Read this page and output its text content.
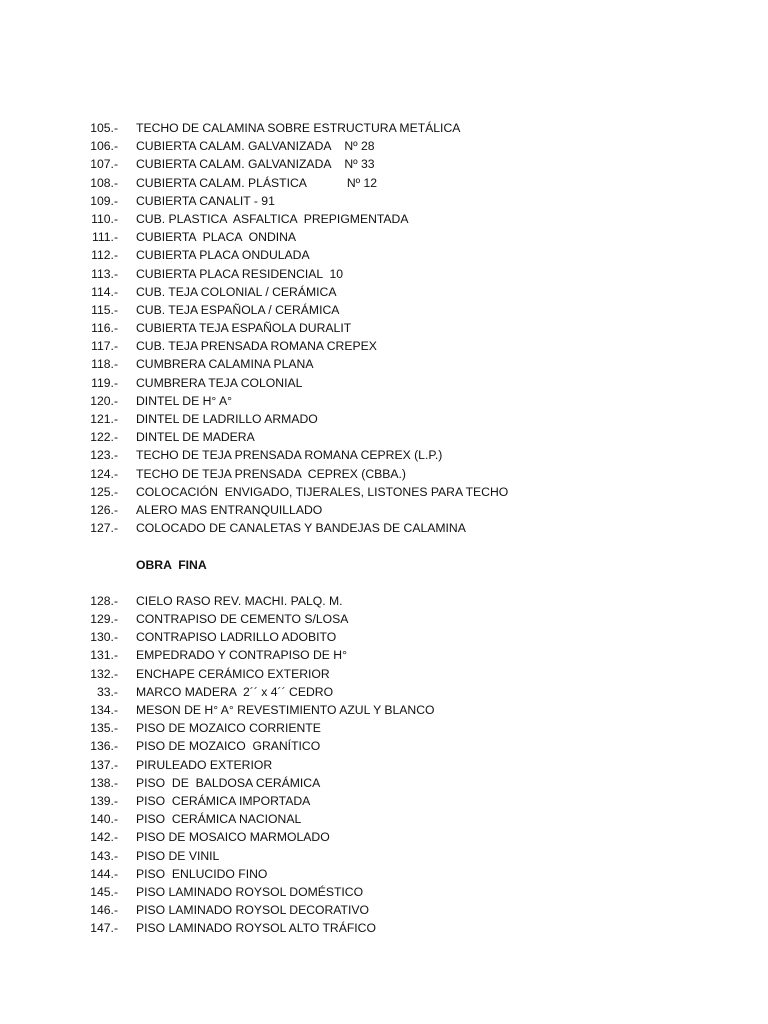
105.- TECHO DE CALAMINA SOBRE ESTRUCTURA METÁLICA
106.- CUBIERTA CALAM. GALVANIZADA    Nº 28
107.- CUBIERTA CALAM. GALVANIZADA    Nº 33
108.- CUBIERTA CALAM. PLÁSTICA            Nº 12
109.- CUBIERTA CANALIT - 91
110.- CUB. PLASTICA  ASFALTICA  PREPIGMENTADA
111.- CUBIERTA  PLACA  ONDINA
112.- CUBIERTA PLACA ONDULADA
113.- CUBIERTA PLACA RESIDENCIAL  10
114.- CUB. TEJA COLONIAL / CERÁMICA
115.- CUB. TEJA ESPAÑOLA / CERÁMICA
116.- CUBIERTA TEJA ESPAÑOLA DURALIT
117.- CUB. TEJA PRENSADA ROMANA CREPEX
118.- CUMBRERA CALAMINA PLANA
119.- CUMBRERA TEJA COLONIAL
120.- DINTEL DE H° A°
121.- DINTEL DE LADRILLO ARMADO
122.- DINTEL DE MADERA
123.- TECHO DE TEJA PRENSADA ROMANA CEPREX (L.P.)
124.- TECHO DE TEJA PRENSADA  CEPREX (CBBA.)
125.- COLOCACIÓN  ENVIGADO, TIJERALES, LISTONES PARA TECHO
126.- ALERO MAS ENTRANQUILLADO
127.- COLOCADO DE CANALETAS Y BANDEJAS DE CALAMINA
OBRA  FINA
128.- CIELO RASO REV. MACHI. PALQ. M.
129.- CONTRAPISO DE CEMENTO S/LOSA
130.- CONTRAPISO LADRILLO ADOBITO
131.- EMPEDRADO Y CONTRAPISO DE H°
132.- ENCHAPE CERÁMICO EXTERIOR
33.- MARCO MADERA  2´´ x 4´´ CEDRO
134.- MESON DE H° A° REVESTIMIENTO AZUL Y BLANCO
135.- PISO DE MOZAICO CORRIENTE
136.- PISO DE MOZAICO  GRANÍTICO
137.- PIRULEADO EXTERIOR
138.- PISO  DE  BALDOSA CERÁMICA
139.- PISO  CERÁMICA IMPORTADA
140.- PISO  CERÁMICA NACIONAL
142.- PISO DE MOSAICO MARMOLADO
143.- PISO DE VINIL
144.- PISO  ENLUCIDO FINO
145.- PISO LAMINADO ROYSOL DOMÉSTICO
146.- PISO LAMINADO ROYSOL DECORATIVO
147.- PISO LAMINADO ROYSOL ALTO TRÁFICO
